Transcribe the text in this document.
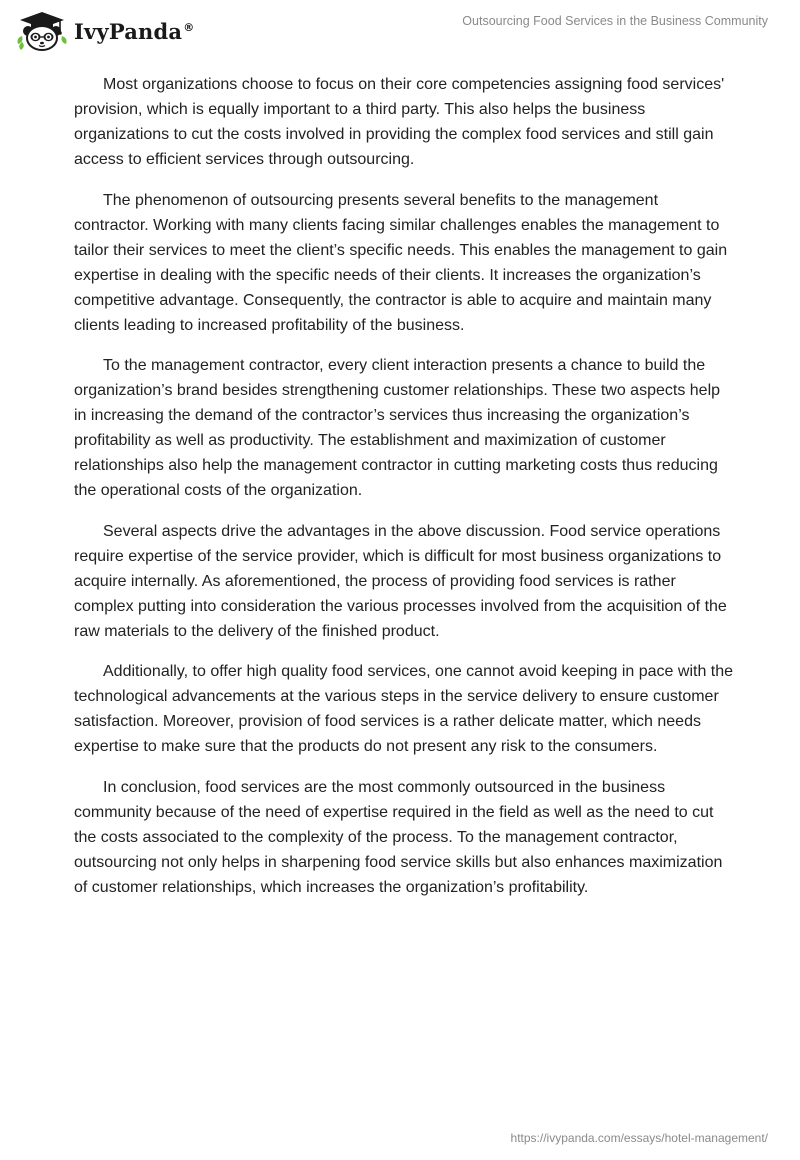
IvyPanda®	Outsourcing Food Services in the Business Community

Most organizations choose to focus on their core competencies assigning food services' provision, which is equally important to a third party. This also helps the business organizations to cut the costs involved in providing the complex food services and still gain access to efficient services through outsourcing.

The phenomenon of outsourcing presents several benefits to the management contractor. Working with many clients facing similar challenges enables the management to tailor their services to meet the client’s specific needs. This enables the management to gain expertise in dealing with the specific needs of their clients. It increases the organization’s competitive advantage. Consequently, the contractor is able to acquire and maintain many clients leading to increased profitability of the business.

To the management contractor, every client interaction presents a chance to build the organization’s brand besides strengthening customer relationships. These two aspects help in increasing the demand of the contractor’s services thus increasing the organization’s profitability as well as productivity. The establishment and maximization of customer relationships also help the management contractor in cutting marketing costs thus reducing the operational costs of the organization.

Several aspects drive the advantages in the above discussion. Food service operations require expertise of the service provider, which is difficult for most business organizations to acquire internally. As aforementioned, the process of providing food services is rather complex putting into consideration the various processes involved from the acquisition of the raw materials to the delivery of the finished product.

Additionally, to offer high quality food services, one cannot avoid keeping in pace with the technological advancements at the various steps in the service delivery to ensure customer satisfaction. Moreover, provision of food services is a rather delicate matter, which needs expertise to make sure that the products do not present any risk to the consumers.

In conclusion, food services are the most commonly outsourced in the business community because of the need of expertise required in the field as well as the need to cut the costs associated to the complexity of the process. To the management contractor, outsourcing not only helps in sharpening food service skills but also enhances maximization of customer relationships, which increases the organization’s profitability.

https://ivypanda.com/essays/hotel-management/
